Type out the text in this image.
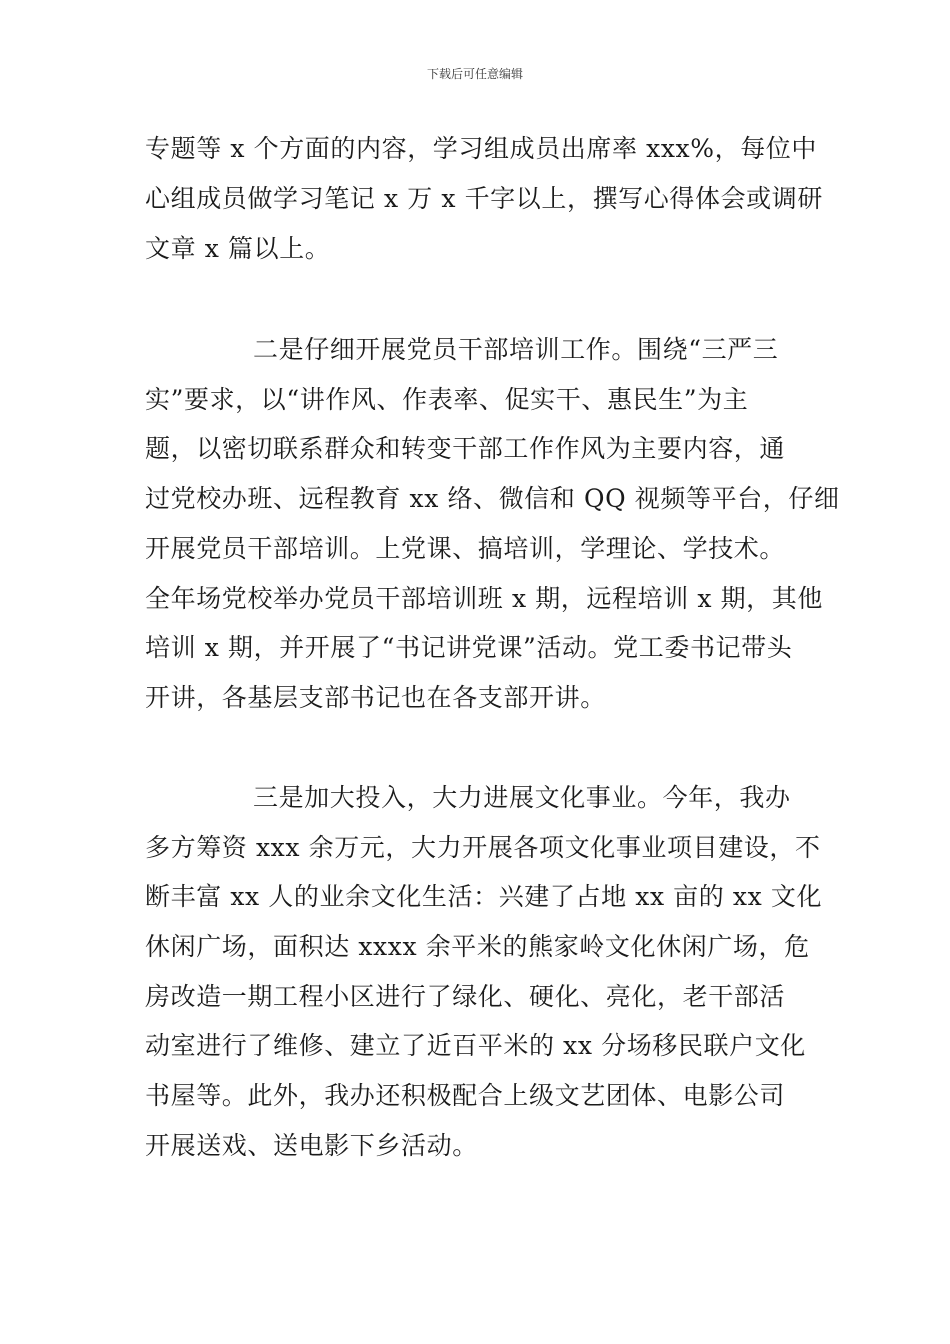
下载后可任意编辑
专题等 x 个方面的内容，学习组成员出席率 xxx%，每位中
心组成员做学习笔记 x 万 x 千字以上，撰写心得体会或调研
文章 x 篇以上。
二是仔细开展党员干部培训工作。围绕“三严三
实”要求，以“讲作风、作表率、促实干、惠民生”为主
题，以密切联系群众和转变干部工作作风为主要内容，通
过党校办班、远程教育 xx 络、微信和 QQ 视频等平台，仔细
开展党员干部培训。上党课、搞培训，学理论、学技术。
全年场党校举办党员干部培训班 x 期，远程培训 x 期，其他
培训 x 期，并开展了“书记讲党课”活动。党工委书记带头
开讲，各基层支部书记也在各支部开讲。
三是加大投入，大力进展文化事业。今年，我办
多方筹资 xxx 余万元，大力开展各项文化事业项目建设，不
断丰富 xx 人的业余文化生活：兴建了占地 xx 亩的 xx 文化
休闲广场，面积达 xxxx 余平米的熊家岭文化休闲广场，危
房改造一期工程小区进行了绿化、硬化、亮化，老干部活
动室进行了维修、建立了近百平米的 xx 分场移民联户文化
书屋等。此外，我办还积极配合上级文艺团体、电影公司
开展送戏、送电影下乡活动。
